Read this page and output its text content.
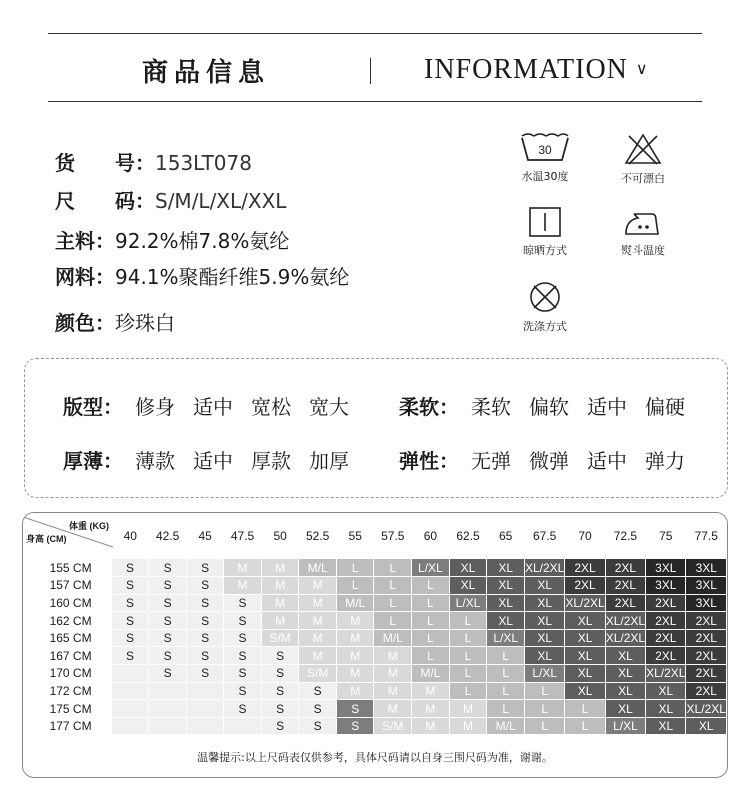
商品信息	INFORMATION ∨
货　　号：153LT078
尺　　码：S/M/L/XL/XXL
主料：92.2%棉7.8%氨纶
网料：94.1%聚酯纤维5.9%氨纶
颜色：珍珠白
30
水温30度	不可漂白
晾晒方式	熨斗温度
洗涤方式
版型： 修身 适中 宽松 宽大	柔软： 柔软 偏软 适中 偏硬
厚薄： 薄款 适中 厚款 加厚	弹性： 无弹 微弹 适中 弹力
体重 (KG)
身高 (CM)	40	42.5	45	47.5	50	52.5	55	57.5	60	62.5	65	67.5	70	72.5	75	77.5
155 CM	S	S	S	M	M	M/L	L	L	L/XL	XL	XL	XL/2XL	2XL	2XL	3XL	3XL
157 CM	S	S	S	M	M	M	L	L	L	XL	XL	XL	2XL	2XL	3XL	3XL
160 CM	S	S	S	S	M	M	M/L	L	L	L/XL	XL	XL	XL/2XL	2XL	2XL	3XL
162 CM	S	S	S	S	M	M	M	L	L	L	XL	XL	XL	XL/2XL	2XL	2XL
165 CM	S	S	S	S	S/M	M	M	M/L	L	L	L/XL	XL	XL	XL/2XL	2XL	2XL
167 CM	S	S	S	S	S	M	M	M	L	L	L	XL	XL	XL	2XL	2XL
170 CM		S	S	S	S	S/M	M	M	M/L	L	L	L/XL	XL	XL	XL/2XL	2XL
172 CM				S	S	S	M	M	M	L	L	L	XL	XL	XL	2XL
175 CM				S	S	S	S	M	M	M	L	L	L	XL	XL	XL/2XL
177 CM					S	S	S	S/M	M	M	M/L	L	L	L/XL	XL	XL
温馨提示:以上尺码表仅供参考，具体尺码请以自身三围尺码为准，谢谢。
